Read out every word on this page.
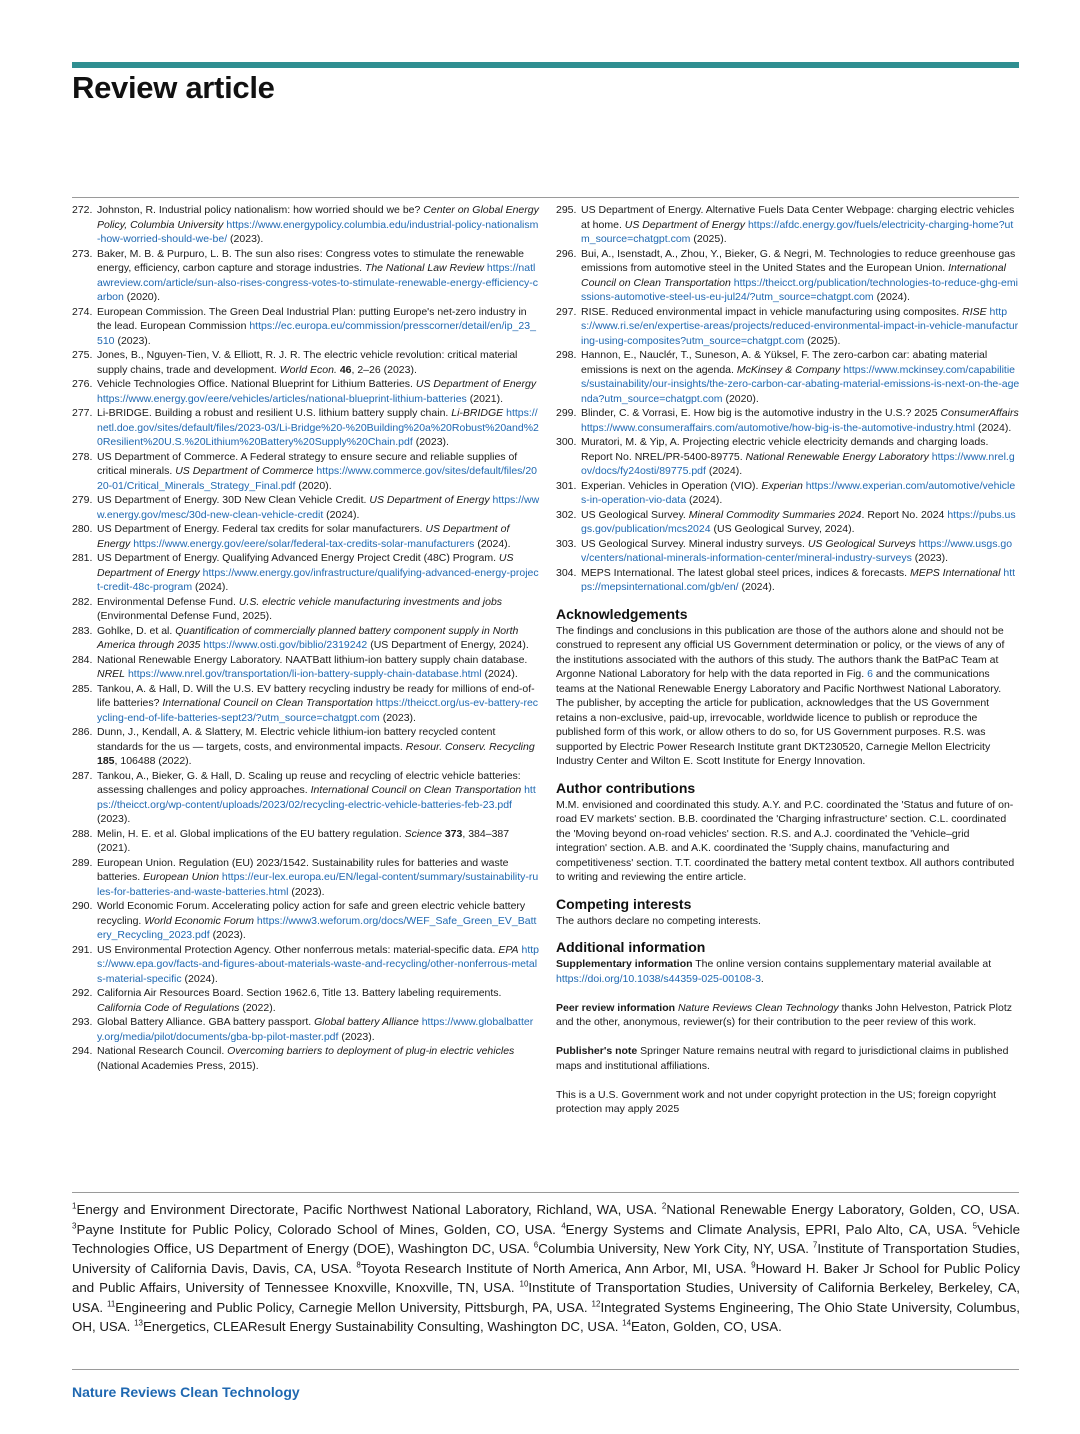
Review article
272. Johnston, R. Industrial policy nationalism: how worried should we be? Center on Global Energy Policy, Columbia University https://www.energypolicy.columbia.edu/industrial-policy-nationalism-how-worried-should-we-be/ (2023).
273. Baker, M. B. & Purpuro, L. B. The sun also rises: Congress votes to stimulate the renewable energy, efficiency, carbon capture and storage industries. The National Law Review https://natlawreview.com/article/sun-also-rises-congress-votes-to-stimulate-renewable-energy-efficiency-carbon (2020).
274. European Commission. The Green Deal Industrial Plan: putting Europe's net-zero industry in the lead. European Commission https://ec.europa.eu/commission/presscorner/detail/en/ip_23_510 (2023).
275. Jones, B., Nguyen-Tien, V. & Elliott, R. J. R. The electric vehicle revolution: critical material supply chains, trade and development. World Econ. 46, 2–26 (2023).
276. Vehicle Technologies Office. National Blueprint for Lithium Batteries. US Department of Energy https://www.energy.gov/eere/vehicles/articles/national-blueprint-lithium-batteries (2021).
277. Li-BRIDGE. Building a robust and resilient U.S. lithium battery supply chain. Li-BRIDGE https://netl.doe.gov/sites/default/files/2023-03/Li-Bridge%20-%20Building%20a%20Robust%20and%20Resilient%20U.S.%20Lithium%20Battery%20Supply%20Chain.pdf (2023).
278. US Department of Commerce. A Federal strategy to ensure secure and reliable supplies of critical minerals. US Department of Commerce https://www.commerce.gov/sites/default/files/2020-01/Critical_Minerals_Strategy_Final.pdf (2020).
279. US Department of Energy. 30D New Clean Vehicle Credit. US Department of Energy https://www.energy.gov/mesc/30d-new-clean-vehicle-credit (2024).
280. US Department of Energy. Federal tax credits for solar manufacturers. US Department of Energy https://www.energy.gov/eere/solar/federal-tax-credits-solar-manufacturers (2024).
281. US Department of Energy. Qualifying Advanced Energy Project Credit (48C) Program. US Department of Energy https://www.energy.gov/infrastructure/qualifying-advanced-energy-project-credit-48c-program (2024).
282. Environmental Defense Fund. U.S. electric vehicle manufacturing investments and jobs (Environmental Defense Fund, 2025).
283. Gohlke, D. et al. Quantification of commercially planned battery component supply in North America through 2035 https://www.osti.gov/biblio/2319242 (US Department of Energy, 2024).
284. National Renewable Energy Laboratory. NAATBatt lithium-ion battery supply chain database. NREL https://www.nrel.gov/transportation/li-ion-battery-supply-chain-database.html (2024).
285. Tankou, A. & Hall, D. Will the U.S. EV battery recycling industry be ready for millions of end-of-life batteries? International Council on Clean Transportation https://theicct.org/us-ev-battery-recycling-end-of-life-batteries-sept23/?utm_source=chatgpt.com (2023).
286. Dunn, J., Kendall, A. & Slattery, M. Electric vehicle lithium-ion battery recycled content standards for the us — targets, costs, and environmental impacts. Resour. Conserv. Recycling 185, 106488 (2022).
287. Tankou, A., Bieker, G. & Hall, D. Scaling up reuse and recycling of electric vehicle batteries: assessing challenges and policy approaches. International Council on Clean Transportation https://theicct.org/wp-content/uploads/2023/02/recycling-electric-vehicle-batteries-feb-23.pdf (2023).
288. Melin, H. E. et al. Global implications of the EU battery regulation. Science 373, 384–387 (2021).
289. European Union. Regulation (EU) 2023/1542. Sustainability rules for batteries and waste batteries. European Union https://eur-lex.europa.eu/EN/legal-content/summary/sustainability-rules-for-batteries-and-waste-batteries.html (2023).
290. World Economic Forum. Accelerating policy action for safe and green electric vehicle battery recycling. World Economic Forum https://www3.weforum.org/docs/WEF_Safe_Green_EV_Battery_Recycling_2023.pdf (2023).
291. US Environmental Protection Agency. Other nonferrous metals: material-specific data. EPA https://www.epa.gov/facts-and-figures-about-materials-waste-and-recycling/other-nonferrous-metals-material-specific (2024).
292. California Air Resources Board. Section 1962.6, Title 13. Battery labeling requirements. California Code of Regulations (2022).
293. Global Battery Alliance. GBA battery passport. Global battery Alliance https://www.globalbattery.org/media/pilot/documents/gba-bp-pilot-master.pdf (2023).
294. National Research Council. Overcoming barriers to deployment of plug-in electric vehicles (National Academies Press, 2015).
295. US Department of Energy. Alternative Fuels Data Center Webpage: charging electric vehicles at home. US Department of Energy https://afdc.energy.gov/fuels/electricity-charging-home?utm_source=chatgpt.com (2025).
296. Bui, A., Isenstadt, A., Zhou, Y., Bieker, G. & Negri, M. Technologies to reduce greenhouse gas emissions from automotive steel in the United States and the European Union. International Council on Clean Transportation https://theicct.org/publication/technologies-to-reduce-ghg-emissions-automotive-steel-us-eu-jul24/?utm_source=chatgpt.com (2024).
297. RISE. Reduced environmental impact in vehicle manufacturing using composites. RISE https://www.ri.se/en/expertise-areas/projects/reduced-environmental-impact-in-vehicle-manufacturing-using-composites?utm_source=chatgpt.com (2025).
298. Hannon, E., Nauclér, T., Suneson, A. & Yüksel, F. The zero-carbon car: abating material emissions is next on the agenda. McKinsey & Company https://www.mckinsey.com/capabilities/sustainability/our-insights/the-zero-carbon-car-abating-material-emissions-is-next-on-the-agenda?utm_source=chatgpt.com (2020).
299. Blinder, C. & Vorrasi, E. How big is the automotive industry in the U.S.? 2025 ConsumerAffairs https://www.consumeraffairs.com/automotive/how-big-is-the-automotive-industry.html (2024).
300. Muratori, M. & Yip, A. Projecting electric vehicle electricity demands and charging loads. Report No. NREL/PR-5400-89775. National Renewable Energy Laboratory https://www.nrel.gov/docs/fy24osti/89775.pdf (2024).
301. Experian. Vehicles in Operation (VIO). Experian https://www.experian.com/automotive/vehicles-in-operation-vio-data (2024).
302. US Geological Survey. Mineral Commodity Summaries 2024. Report No. 2024 https://pubs.usgs.gov/publication/mcs2024 (US Geological Survey, 2024).
303. US Geological Survey. Mineral industry surveys. US Geological Surveys https://www.usgs.gov/centers/national-minerals-information-center/mineral-industry-surveys (2023).
304. MEPS International. The latest global steel prices, indices & forecasts. MEPS International https://mepsinternational.com/gb/en/ (2024).
Acknowledgements

The findings and conclusions in this publication are those of the authors alone and should not be construed to represent any official US Government determination or policy, or the views of any of the institutions associated with the authors of this study. The authors thank the BatPaC Team at Argonne National Laboratory for help with the data reported in Fig. 6 and the communications teams at the National Renewable Energy Laboratory and Pacific Northwest National Laboratory. The publisher, by accepting the article for publication, acknowledges that the US Government retains a non-exclusive, paid-up, irrevocable, worldwide licence to publish or reproduce the published form of this work, or allow others to do so, for US Government purposes. R.S. was supported by Electric Power Research Institute grant DKT230520, Carnegie Mellon Electricity Industry Center and Wilton E. Scott Institute for Energy Innovation.

Author contributions

M.M. envisioned and coordinated this study. A.Y. and P.C. coordinated the 'Status and future of on-road EV markets' section. B.B. coordinated the 'Charging infrastructure' section. C.L. coordinated the 'Moving beyond on-road vehicles' section. R.S. and A.J. coordinated the 'Vehicle–grid integration' section. A.B. and A.K. coordinated the 'Supply chains, manufacturing and competitiveness' section. T.T. coordinated the battery metal content textbox. All authors contributed to writing and reviewing the entire article.

Competing interests

The authors declare no competing interests.

Additional information

Supplementary information The online version contains supplementary material available at https://doi.org/10.1038/s44359-025-00108-3.

Peer review information Nature Reviews Clean Technology thanks John Helveston, Patrick Plotz and the other, anonymous, reviewer(s) for their contribution to the peer review of this work.

Publisher's note Springer Nature remains neutral with regard to jurisdictional claims in published maps and institutional affiliations.

This is a U.S. Government work and not under copyright protection in the US; foreign copyright protection may apply 2025

$^1$Energy and Environment Directorate, Pacific Northwest National Laboratory, Richland, WA, USA. $^2$National Renewable Energy Laboratory, Golden, CO, USA. $^3$Payne Institute for Public Policy, Colorado School of Mines, Golden, CO, USA. $^4$Energy Systems and Climate Analysis, EPRI, Palo Alto, CA, USA. $^5$Vehicle Technologies Office, US Department of Energy (DOE), Washington DC, USA. $^6$Columbia University, New York City, NY, USA. $^7$Institute of Transportation Studies, University of California Davis, Davis, CA, USA. $^8$Toyota Research Institute of North America, Ann Arbor, MI, USA. $^9$Howard H. Baker Jr School for Public Policy and Public Affairs, University of Tennessee Knoxville, Knoxville, TN, USA. $^{10}$Institute of Transportation Studies, University of California Berkeley, Berkeley, CA, USA. $^{11}$Engineering and Public Policy, Carnegie Mellon University, Pittsburgh, PA, USA. $^{12}$Integrated Systems Engineering, The Ohio State University, Columbus, OH, USA. $^{13}$Energetics, CLEAResult Energy Sustainability Consulting, Washington DC, USA. $^{14}$Eaton, Golden, CO, USA.
Nature Reviews Clean Technology
